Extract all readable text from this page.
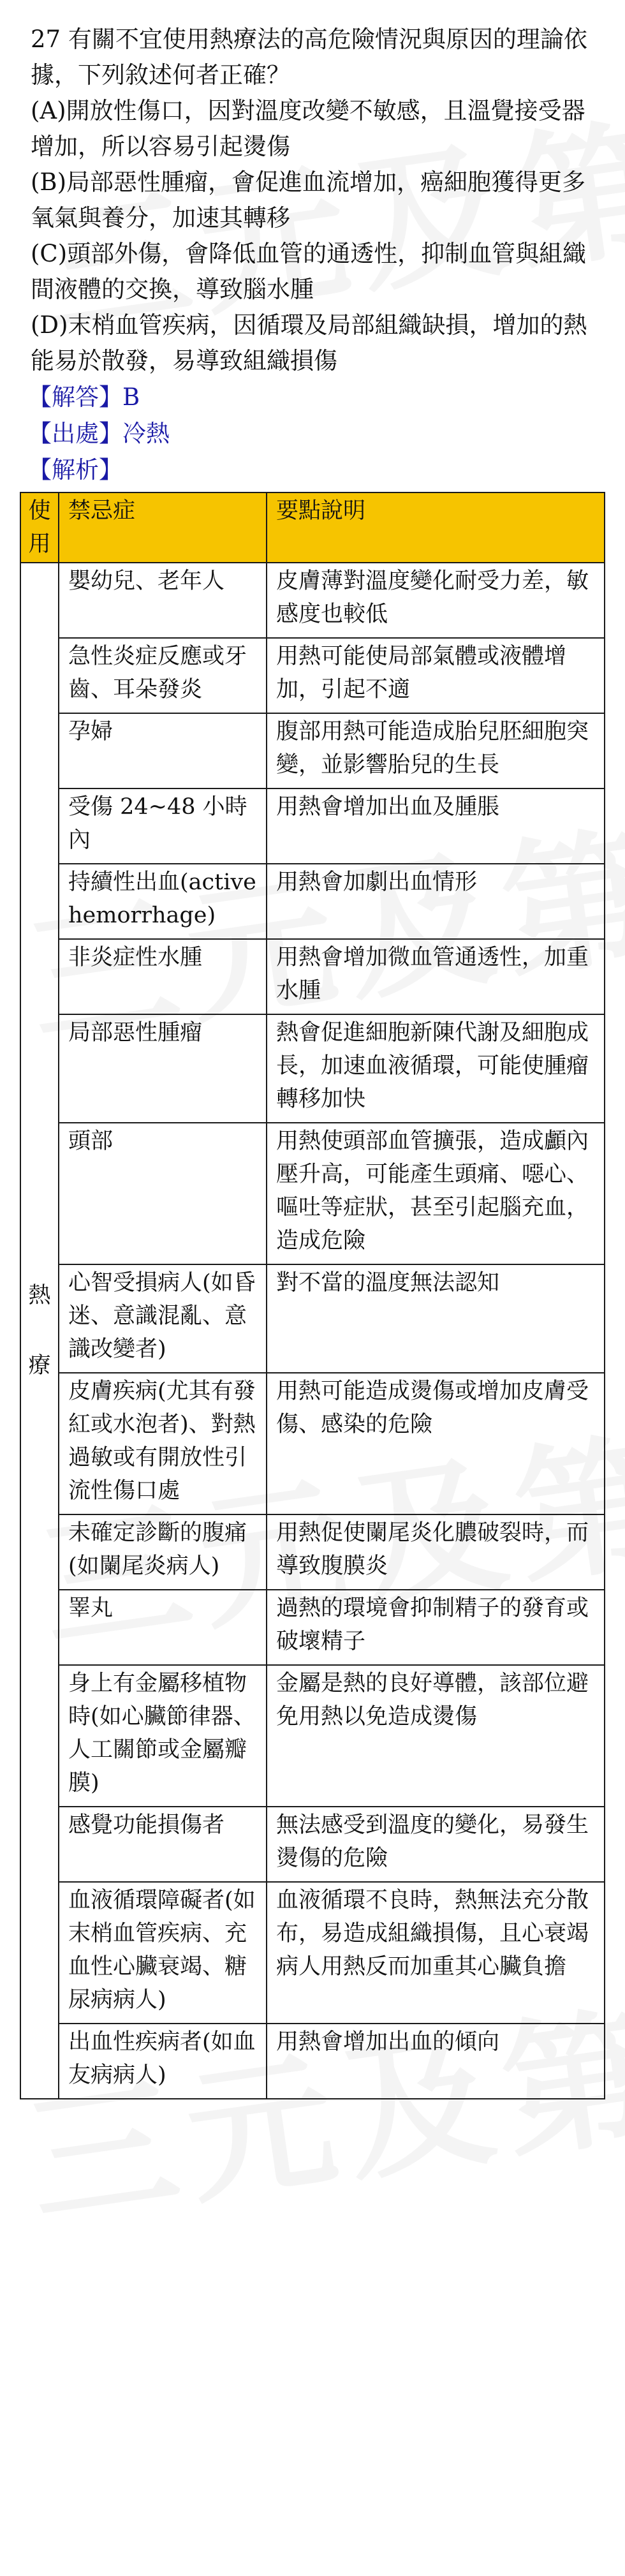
27 有關不宜使用熱療法的高危險情況與原因的理論依據，下列敘述何者正確？

(A)開放性傷口，因對溫度改變不敏感，且溫覺接受器增加，所以容易引起燙傷

(B)局部惡性腫瘤，會促進血流增加，癌細胞獲得更多氧氣與養分，加速其轉移

(C)頭部外傷，會降低血管的通透性，抑制血管與組織間液體的交換，導致腦水腫

(D)末梢血管疾病，因循環及局部組織缺損，增加的熱能易於散發，易導致組織損傷

【解答】B
【出處】冷熱
【解析】
使用	禁忌症	要點說明

熱
療	嬰幼兒、老年人	皮膚薄對溫度變化耐受力差，敏感度也較低
	急性炎症反應或牙齒、耳朵發炎	用熱可能使局部氣體或液體增加，引起不適
	孕婦	腹部用熱可能造成胎兒胚細胞突變，並影響胎兒的生長
	受傷 24~48 小時內	用熱會增加出血及腫脹
	持續性出血(active hemorrhage)	用熱會加劇出血情形
	非炎症性水腫	用熱會增加微血管通透性，加重水腫
	局部惡性腫瘤	熱會促進細胞新陳代謝及細胞成長，加速血液循環，可能使腫瘤轉移加快
	頭部	用熱使頭部血管擴張，造成顱內壓升高，可能產生頭痛、噁心、嘔吐等症狀，甚至引起腦充血，造成危險
	心智受損病人(如昏迷、意識混亂、意識改變者)	對不當的溫度無法認知
	皮膚疾病(尤其有發紅或水泡者)、對熱過敏或有開放性引流性傷口處	用熱可能造成燙傷或增加皮膚受傷、感染的危險
	未確定診斷的腹痛(如闌尾炎病人)	用熱促使闌尾炎化膿破裂時，而導致腹膜炎
	睪丸	過熱的環境會抑制精子的發育或破壞精子
	身上有金屬移植物時(如心臟節律器、人工關節或金屬瓣膜)	金屬是熱的良好導體，該部位避免用熱以免造成燙傷
	感覺功能損傷者	無法感受到溫度的變化，易發生燙傷的危險
	血液循環障礙者(如末梢血管疾病、充血性心臟衰竭、糖尿病病人)	血液循環不良時，熱無法充分散布，易造成組織損傷，且心衰竭病人用熱反而加重其心臟負擔
	出血性疾病者(如血友病病人)	用熱會增加出血的傾向
